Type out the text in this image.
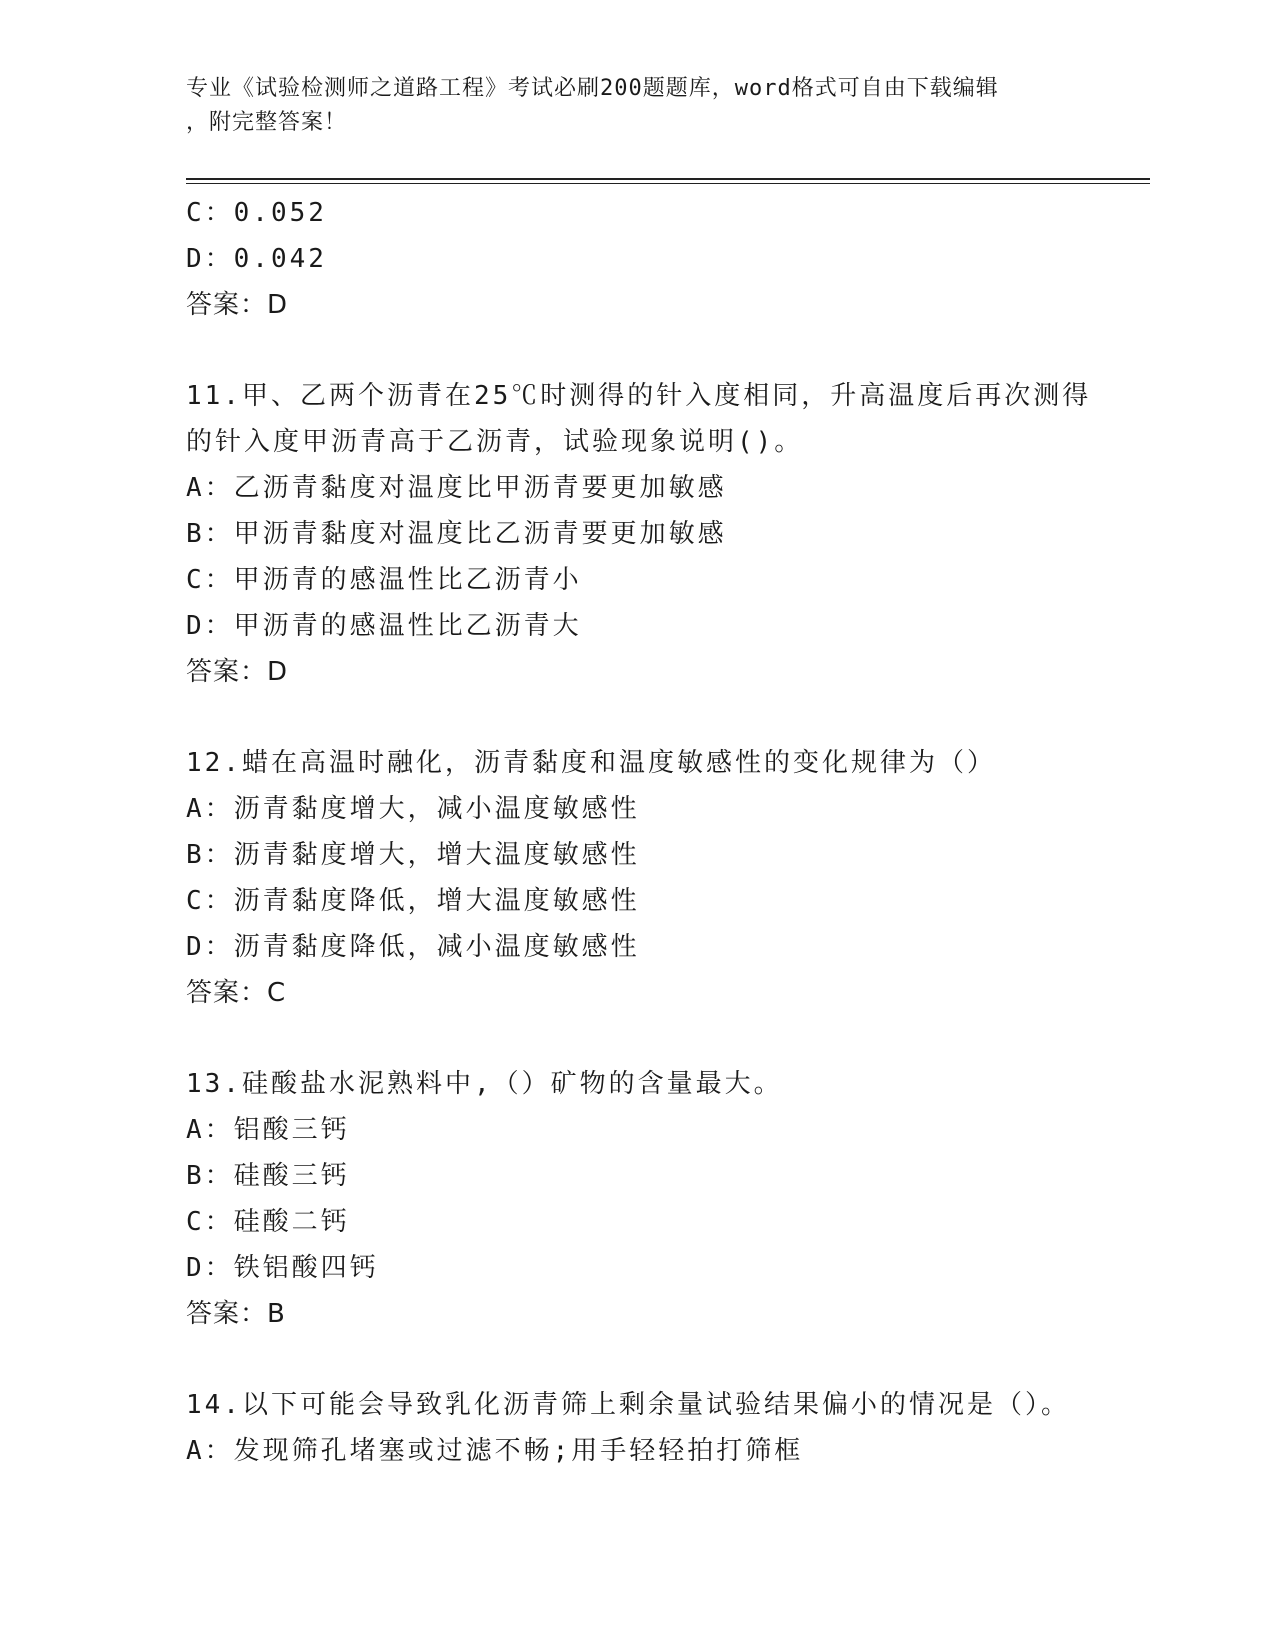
专业《试验检测师之道路工程》考试必刷200题题库，word格式可自由下载编辑
，附完整答案！
C：0.052
D：0.042
答案：D
11.甲、乙两个沥青在25℃时测得的针入度相同，升高温度后再次测得
的针入度甲沥青高于乙沥青，试验现象说明()。
A：乙沥青黏度对温度比甲沥青要更加敏感
B：甲沥青黏度对温度比乙沥青要更加敏感
C：甲沥青的感温性比乙沥青小
D：甲沥青的感温性比乙沥青大
答案：D
12.蜡在高温时融化，沥青黏度和温度敏感性的变化规律为（）
A：沥青黏度增大，减小温度敏感性
B：沥青黏度增大，增大温度敏感性
C：沥青黏度降低，增大温度敏感性
D：沥青黏度降低，减小温度敏感性
答案：C
13.硅酸盐水泥熟料中,（）矿物的含量最大。
A：铝酸三钙
B：硅酸三钙
C：硅酸二钙
D：铁铝酸四钙
答案：B
14.以下可能会导致乳化沥青筛上剩余量试验结果偏小的情况是（）。
A：发现筛孔堵塞或过滤不畅;用手轻轻拍打筛框
